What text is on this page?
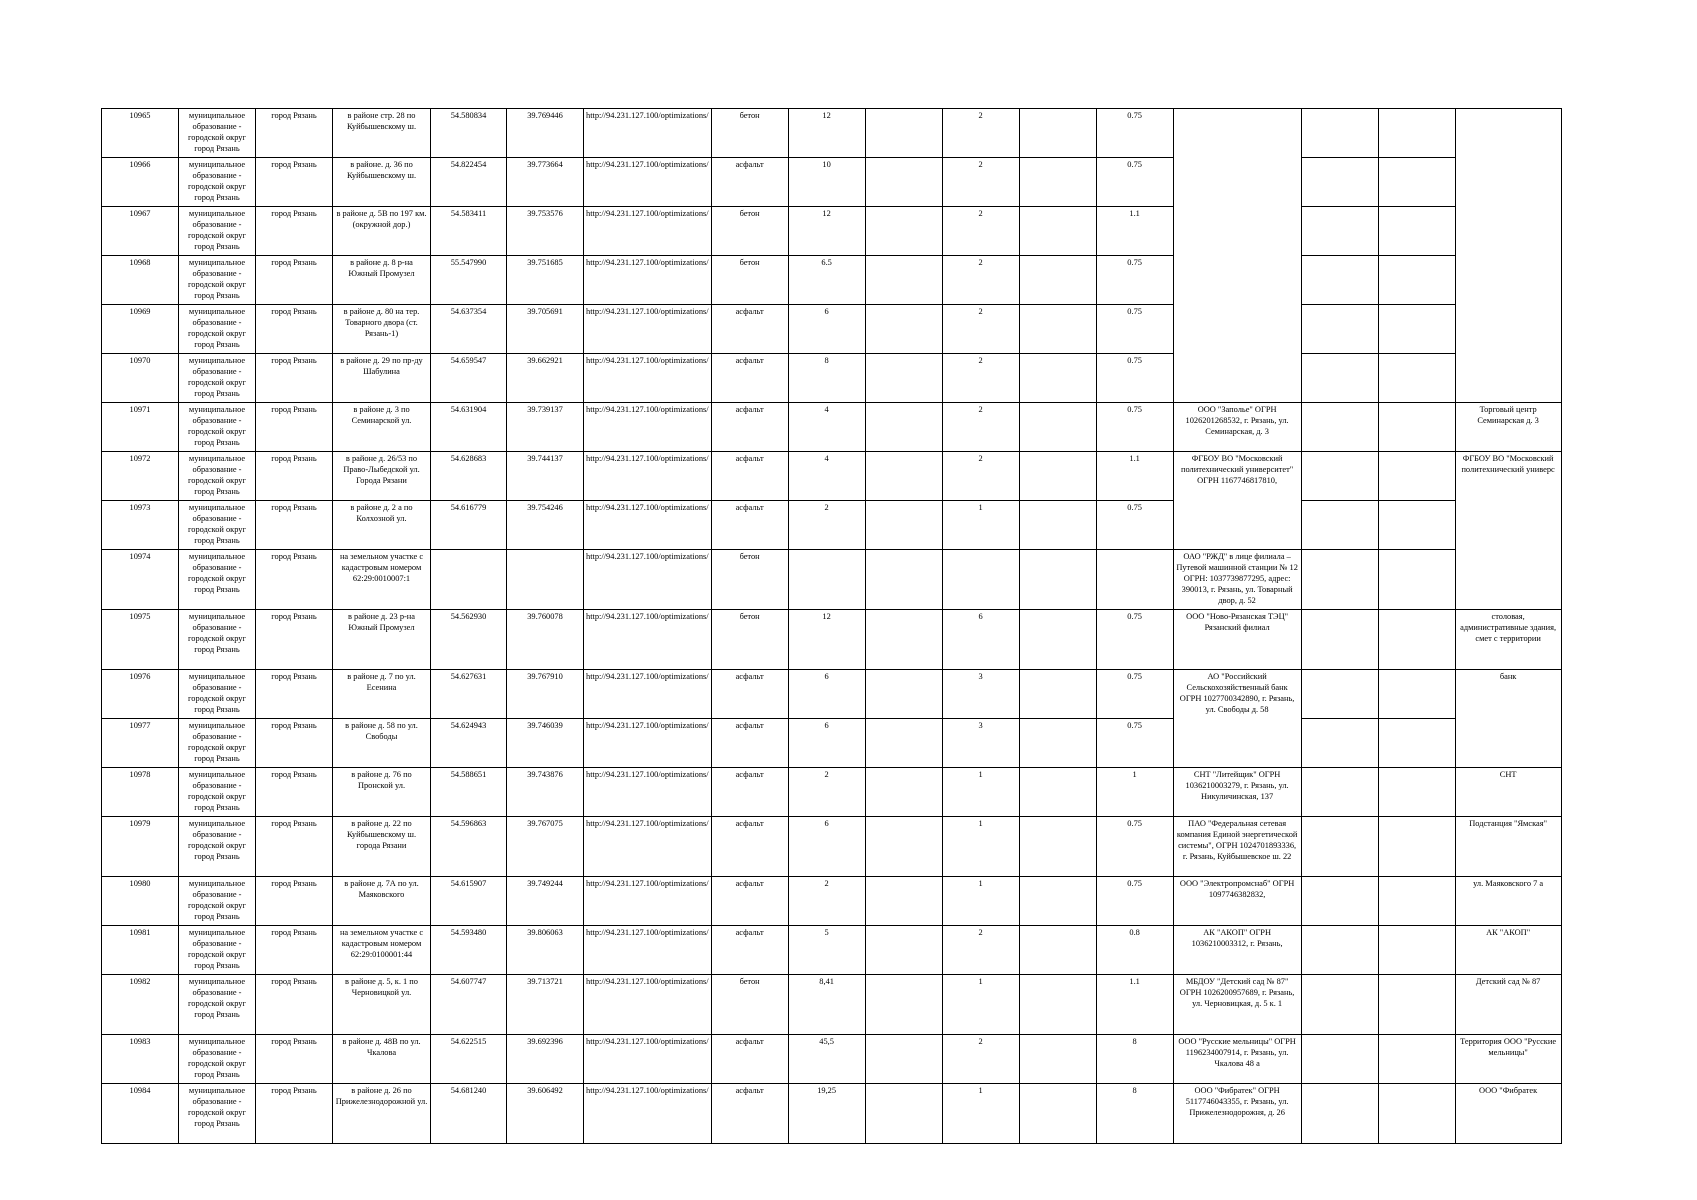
10965	муниципальное образование - городской округ город Рязань	город Рязань	в районе стр. 28 по Куйбышевскому ш.	54.580834	39.769446	http://94.231.127.100/optimizations/	бетон	12		2		0.75				
10966	муниципальное образование - городской округ город Рязань	город Рязань	в районе. д. 36 по Куйбышевскому ш.	54.822454	39.773664	http://94.231.127.100/optimizations/	асфальт	10		2		0.75				
10967	муниципальное образование - городской округ город Рязань	город Рязань	в районе д. 5В по 197 км. (окружной дор.)	54.583411	39.753576	http://94.231.127.100/optimizations/	бетон	12		2		1.1				
10968	муниципальное образование - городской округ город Рязань	город Рязань	в районе д. 8 р-на Южный Промузел	55.547990	39.751685	http://94.231.127.100/optimizations/	бетон	6.5		2		0.75				
10969	муниципальное образование - городской округ город Рязань	город Рязань	в районе д. 80 на тер. Товарного двора (ст. Рязань-1)	54.637354	39.705691	http://94.231.127.100/optimizations/	асфальт	6		2		0.75				
10970	муниципальное образование - городской округ город Рязань	город Рязань	в районе д. 29 по пр-ду Шабулина	54.659547	39.662921	http://94.231.127.100/optimizations/	асфальт	8		2		0.75				
10971	муниципальное образование - городской округ город Рязань	город Рязань	в районе д. 3 по Семинарской ул.	54.631904	39.739137	http://94.231.127.100/optimizations/	асфальт	4		2		0.75	ООО "Заполье" ОГРН 1026201268532, г. Рязань, ул. Семинарская, д. 3			Торговый центр Семинарская д. 3
10972	муниципальное образование - городской округ город Рязань	город Рязань	в районе д. 26/53 по Право-Лыбедской ул. Города Рязани	54.628683	39.744137	http://94.231.127.100/optimizations/	асфальт	4		2		1.1	ФГБОУ ВО "Московский политехнический университет" ОГРН 1167746817810,			ФГБОУ ВО "Московский политехнический универс
10973	муниципальное образование - городской округ город Рязань	город Рязань	в районе д. 2 а по Колхозной ул.	54.616779	39.754246	http://94.231.127.100/optimizations/	асфальт	2		1		0.75				
10974	муниципальное образование - городской округ город Рязань	город Рязань	на земельном участке с кадастровым номером 62:29:0010007:1			http://94.231.127.100/optimizations/	бетон						ОАО "РЖД" в лице филиала – Путевой машинной станции № 12 ОГРН: 1037739877295, адрес: 390013, г. Рязань, ул. Товарный двор, д. 52			
10975	муниципальное образование - городской округ город Рязань	город Рязань	в районе д. 23 р-на Южный Промузел	54.562930	39.760078	http://94.231.127.100/optimizations/	бетон	12		6		0.75	ООО "Ново-Рязанская ТЭЦ" Рязанский филиал			столовая, административные здания, смет с территории
10976	муниципальное образование - городской округ город Рязань	город Рязань	в районе д. 7 по ул. Есенина	54.627631	39.767910	http://94.231.127.100/optimizations/	асфальт	6		3		0.75	АО "Российский Сельскохозяйственный банк ОГРН 1027700342890, г. Рязань, ул. Свободы д. 58			банк
10977	муниципальное образование - городской округ город Рязань	город Рязань	в районе д. 58 по ул. Свободы	54.624943	39.746039	http://94.231.127.100/optimizations/	асфальт	6		3		0.75				
10978	муниципальное образование - городской округ город Рязань	город Рязань	в районе д. 76 по Пронской ул.	54.588651	39.743876	http://94.231.127.100/optimizations/	асфальт	2		1		1	СНТ "Литейщик" ОГРН 1036210003279, г. Рязань, ул. Никуличинская, 137			СНТ
10979	муниципальное образование - городской округ город Рязань	город Рязань	в районе д. 22 по Куйбышевскому ш. города Рязани	54.596863	39.767075	http://94.231.127.100/optimizations/	асфальт	6		1		0.75	ПАО "Федеральная сетевая компания Единой энергетической системы", ОГРН 1024701893336, г. Рязань, Куйбышевское ш. 22			Подстанция "Ямская"
10980	муниципальное образование - городской округ город Рязань	город Рязань	в районе д. 7А по ул. Маяковского	54.615907	39.749244	http://94.231.127.100/optimizations/	асфальт	2		1		0.75	ООО "Электропромснаб" ОГРН 1097746382832,			ул. Маяковского 7 а
10981	муниципальное образование - городской округ город Рязань	город Рязань	на земельном участке с кадастровым номером 62:29:0100001:44	54.593480	39.806063	http://94.231.127.100/optimizations/	асфальт	5		2		0.8	АК "АКОП" ОГРН 1036210003312, г. Рязань,			АК "АКОП"
10982	муниципальное образование - городской округ город Рязань	город Рязань	в районе д. 5, к. 1 по Черновицкой ул.	54.607747	39.713721	http://94.231.127.100/optimizations/	бетон	8,41		1		1.1	МБДОУ "Детский сад № 87" ОГРН 1026200957689, г. Рязань, ул. Черновицкая, д. 5 к. 1			Детский сад № 87
10983	муниципальное образование - городской округ город Рязань	город Рязань	в районе д. 48В по ул. Чкалова	54.622515	39.692396	http://94.231.127.100/optimizations/	асфальт	45,5		2		8	ООО "Русские мельницы" ОГРН 1196234007914, г. Рязань, ул. Чкалова 48 а			Территория ООО "Русские мельницы"
10984	муниципальное образование - городской округ город Рязань	город Рязань	в районе д. 26 по Прижелезнодорожной ул.	54.681240	39.606492	http://94.231.127.100/optimizations/	асфальт	19,25		1		8	ООО "Фибратек" ОГРН 5117746043355, г. Рязань, ул. Прижелезнодорожня, д. 26			ООО "Фибратек
